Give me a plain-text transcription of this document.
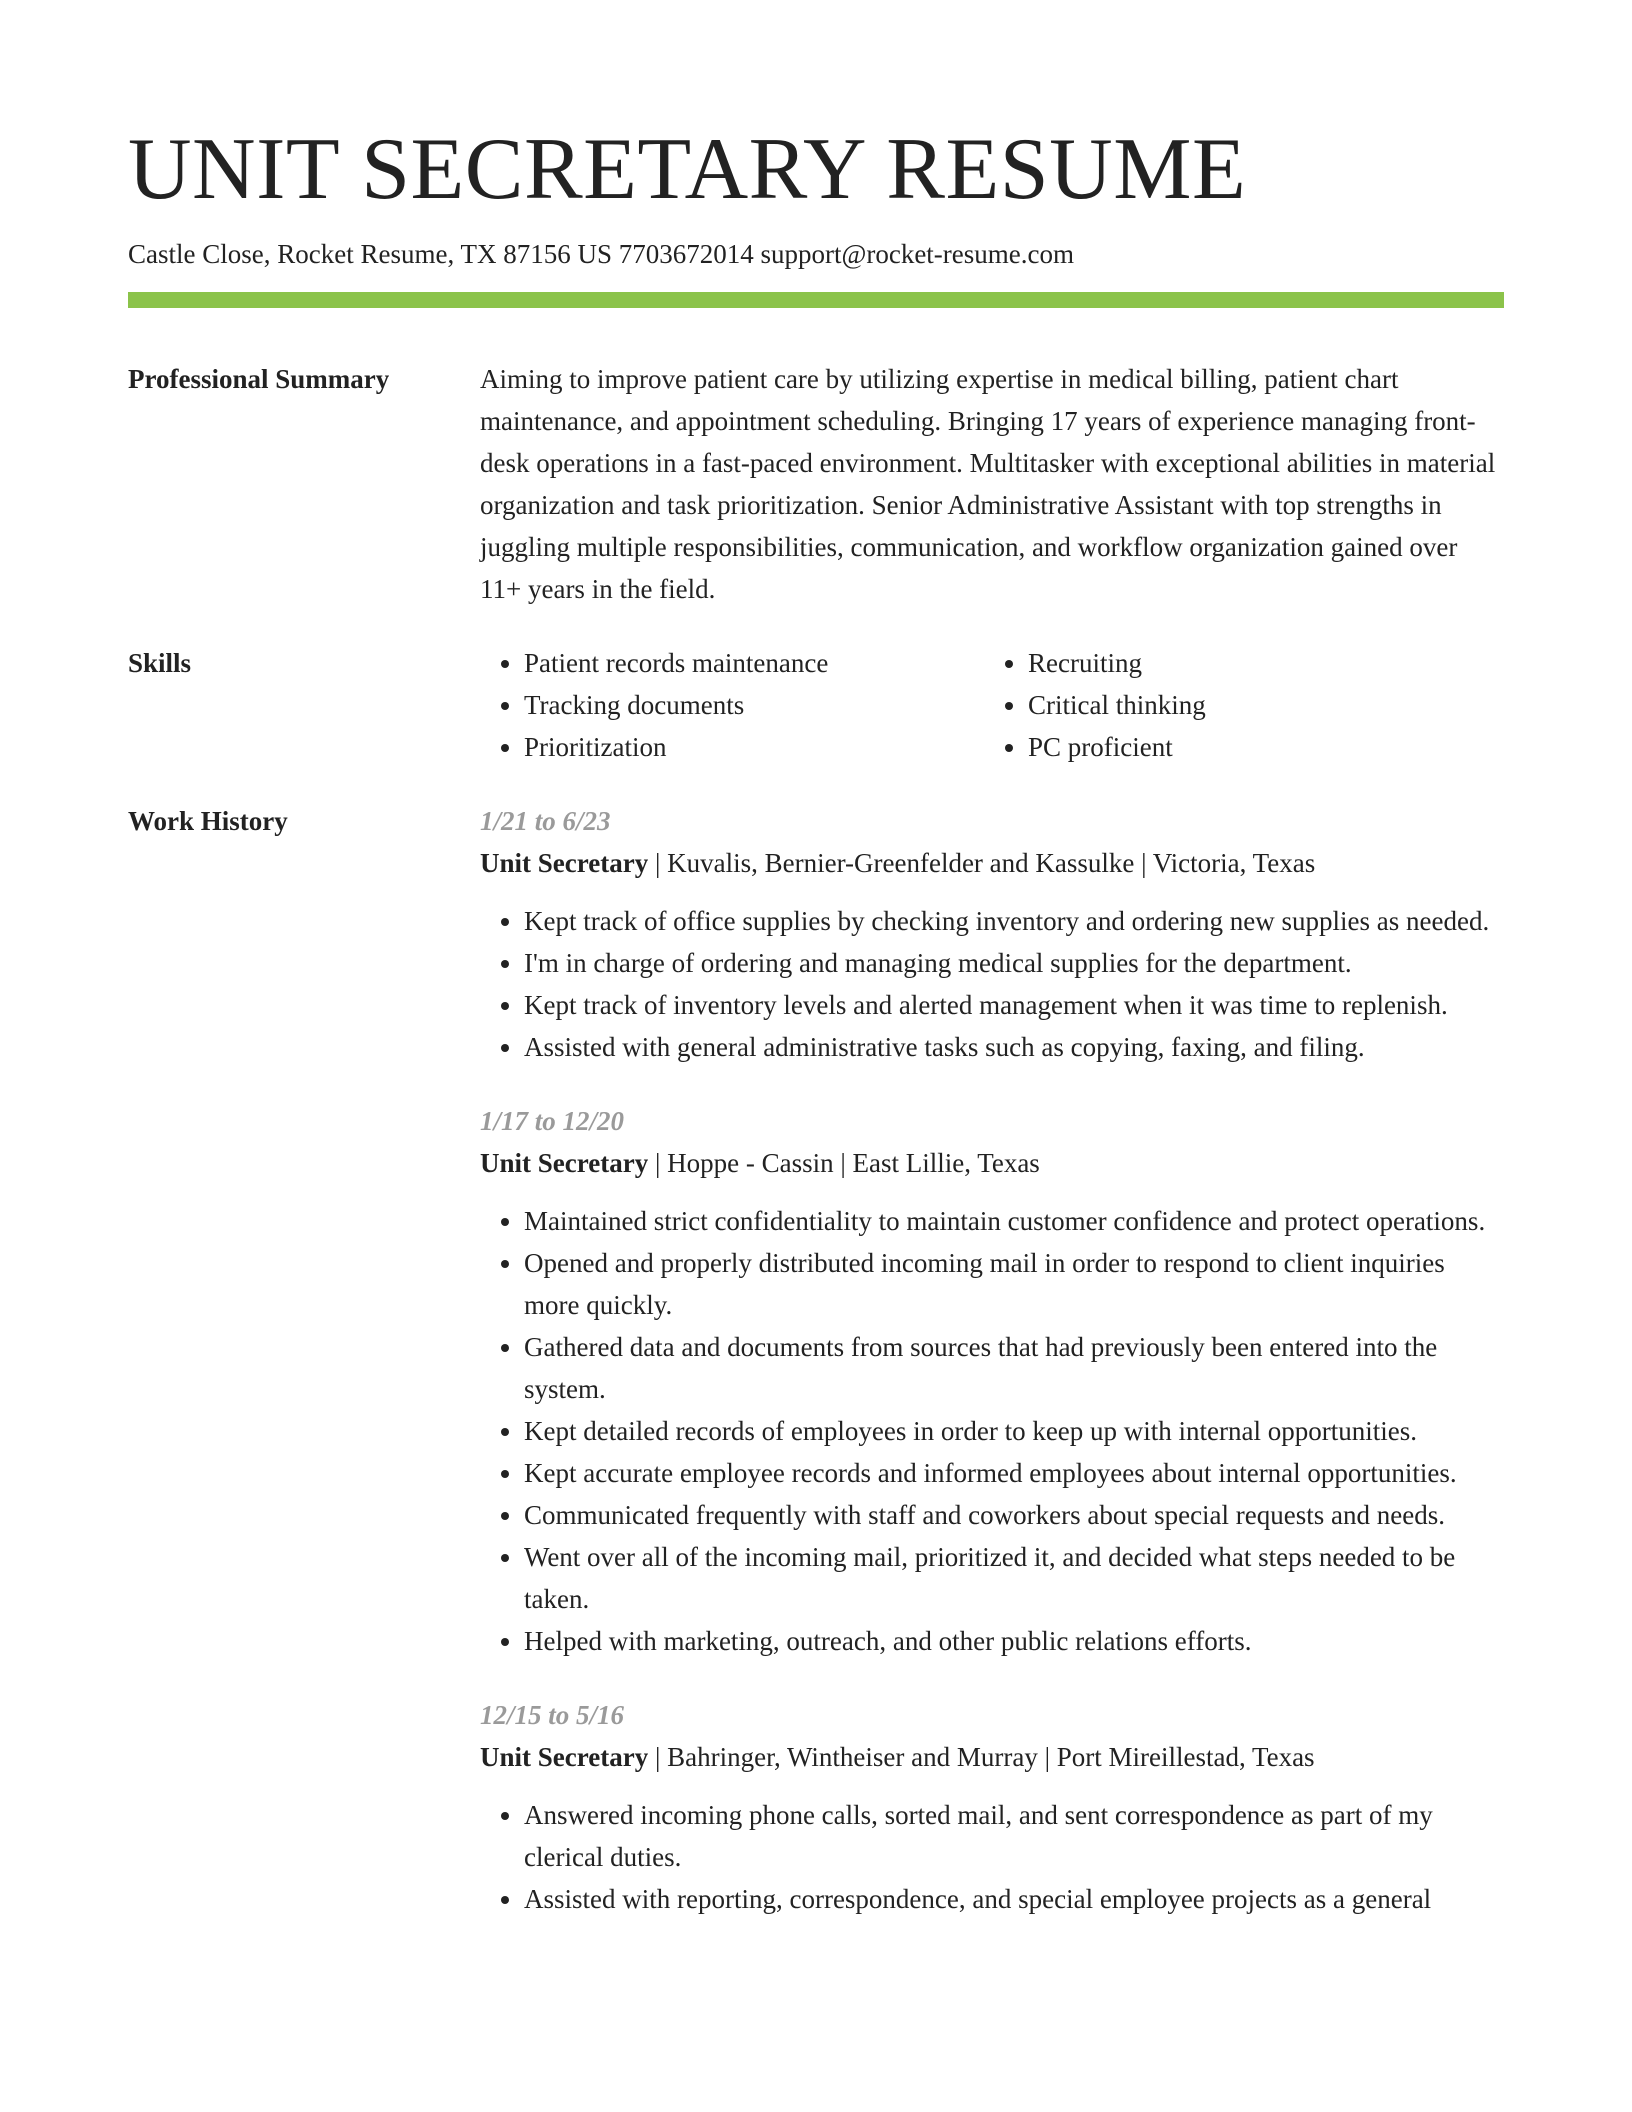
UNIT SECRETARY RESUME
Castle Close, Rocket Resume, TX 87156 US 7703672014 support@rocket-resume.com
Professional Summary	Aiming to improve patient care by utilizing expertise in medical billing, patient chart maintenance, and appointment scheduling. Bringing 17 years of experience managing front-desk operations in a fast-paced environment. Multitasker with exceptional abilities in material organization and task prioritization. Senior Administrative Assistant with top strengths in juggling multiple responsibilities, communication, and workflow organization gained over 11+ years in the field.
Skills
•	Patient records maintenance
• Tracking documents
• Prioritization
• Recruiting
• Critical thinking
• PC proficient
Work History	1/21 to 6/23
Unit Secretary | Kuvalis, Bernier-Greenfelder and Kassulke | Victoria, Texas
• Kept track of office supplies by checking inventory and ordering new supplies as needed.
• I'm in charge of ordering and managing medical supplies for the department.
• Kept track of inventory levels and alerted management when it was time to replenish.
• Assisted with general administrative tasks such as copying, faxing, and filing.
1/17 to 12/20
Unit Secretary | Hoppe - Cassin | East Lillie, Texas
• Maintained strict confidentiality to maintain customer confidence and protect operations.
• Opened and properly distributed incoming mail in order to respond to client inquiries more quickly.
• Gathered data and documents from sources that had previously been entered into the system.
• Kept detailed records of employees in order to keep up with internal opportunities.
• Kept accurate employee records and informed employees about internal opportunities.
• Communicated frequently with staff and coworkers about special requests and needs.
• Went over all of the incoming mail, prioritized it, and decided what steps needed to be taken.
• Helped with marketing, outreach, and other public relations efforts.
12/15 to 5/16
Unit Secretary | Bahringer, Wintheiser and Murray | Port Mireillestad, Texas
• Answered incoming phone calls, sorted mail, and sent correspondence as part of my clerical duties.
• Assisted with reporting, correspondence, and special employee projects as a general
